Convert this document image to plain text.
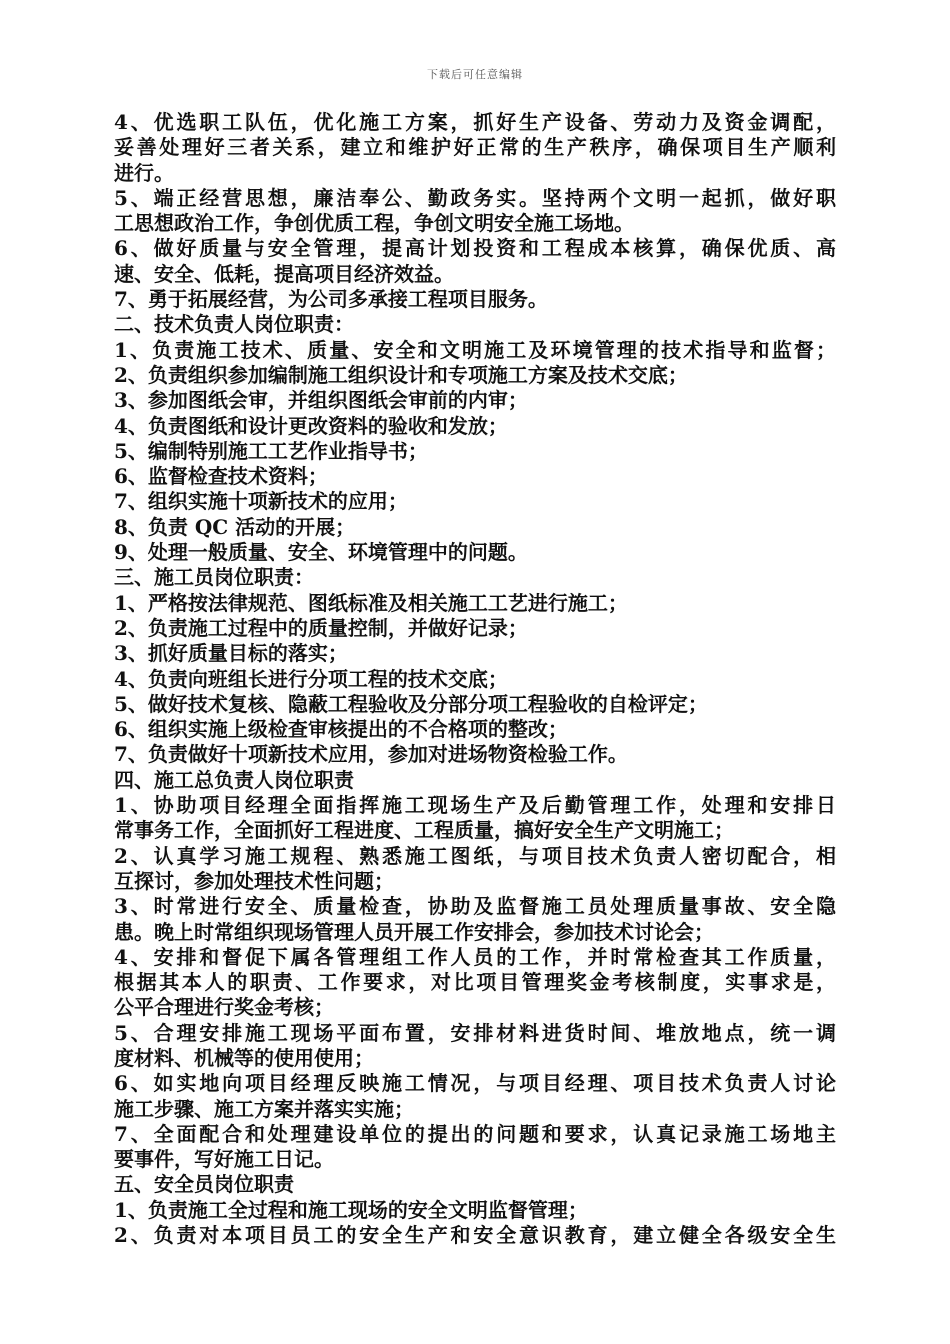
下载后可任意编辑
4、优选职工队伍，优化施工方案，抓好生产设备、劳动力及资金调配，
妥善处理好三者关系，建立和维护好正常的生产秩序，确保项目生产顺利
进行。
5、端正经营思想，廉洁奉公、勤政务实。坚持两个文明一起抓，做好职
工思想政治工作，争创优质工程，争创文明安全施工场地。
6、做好质量与安全管理，提高计划投资和工程成本核算，确保优质、高
速、安全、低耗，提高项目经济效益。
7、勇于拓展经营，为公司多承接工程项目服务。
二、技术负责人岗位职责：
1、负责施工技术、质量、安全和文明施工及环境管理的技术指导和监督；
2、负责组织参加编制施工组织设计和专项施工方案及技术交底；
3、参加图纸会审，并组织图纸会审前的内审；
4、负责图纸和设计更改资料的验收和发放；
5、编制特别施工工艺作业指导书；
6、监督检查技术资料；
7、组织实施十项新技术的应用；
8、负责 QC 活动的开展；
9、处理一般质量、安全、环境管理中的问题。
三、施工员岗位职责：
1、严格按法律规范、图纸标准及相关施工工艺进行施工；
2、负责施工过程中的质量控制，并做好记录；
3、抓好质量目标的落实；
4、负责向班组长进行分项工程的技术交底；
5、做好技术复核、隐蔽工程验收及分部分项工程验收的自检评定；
6、组织实施上级检查审核提出的不合格项的整改；
7、负责做好十项新技术应用，参加对进场物资检验工作。
四、施工总负责人岗位职责
1、协助项目经理全面指挥施工现场生产及后勤管理工作，处理和安排日
常事务工作，全面抓好工程进度、工程质量，搞好安全生产文明施工；
2、认真学习施工规程、熟悉施工图纸，与项目技术负责人密切配合，相
互探讨，参加处理技术性问题；
3、时常进行安全、质量检查，协助及监督施工员处理质量事故、安全隐
患。晚上时常组织现场管理人员开展工作安排会，参加技术讨论会；
4、安排和督促下属各管理组工作人员的工作，并时常检查其工作质量，
根据其本人的职责、工作要求，对比项目管理奖金考核制度，实事求是，
公平合理进行奖金考核；
5、合理安排施工现场平面布置，安排材料进货时间、堆放地点，统一调
度材料、机械等的使用使用；
6、如实地向项目经理反映施工情况，与项目经理、项目技术负责人讨论
施工步骤、施工方案并落实实施；
7、全面配合和处理建设单位的提出的问题和要求，认真记录施工场地主
要事件，写好施工日记。
五、安全员岗位职责
1、负责施工全过程和施工现场的安全文明监督管理；
2、负责对本项目员工的安全生产和安全意识教育，建立健全各级安全生
